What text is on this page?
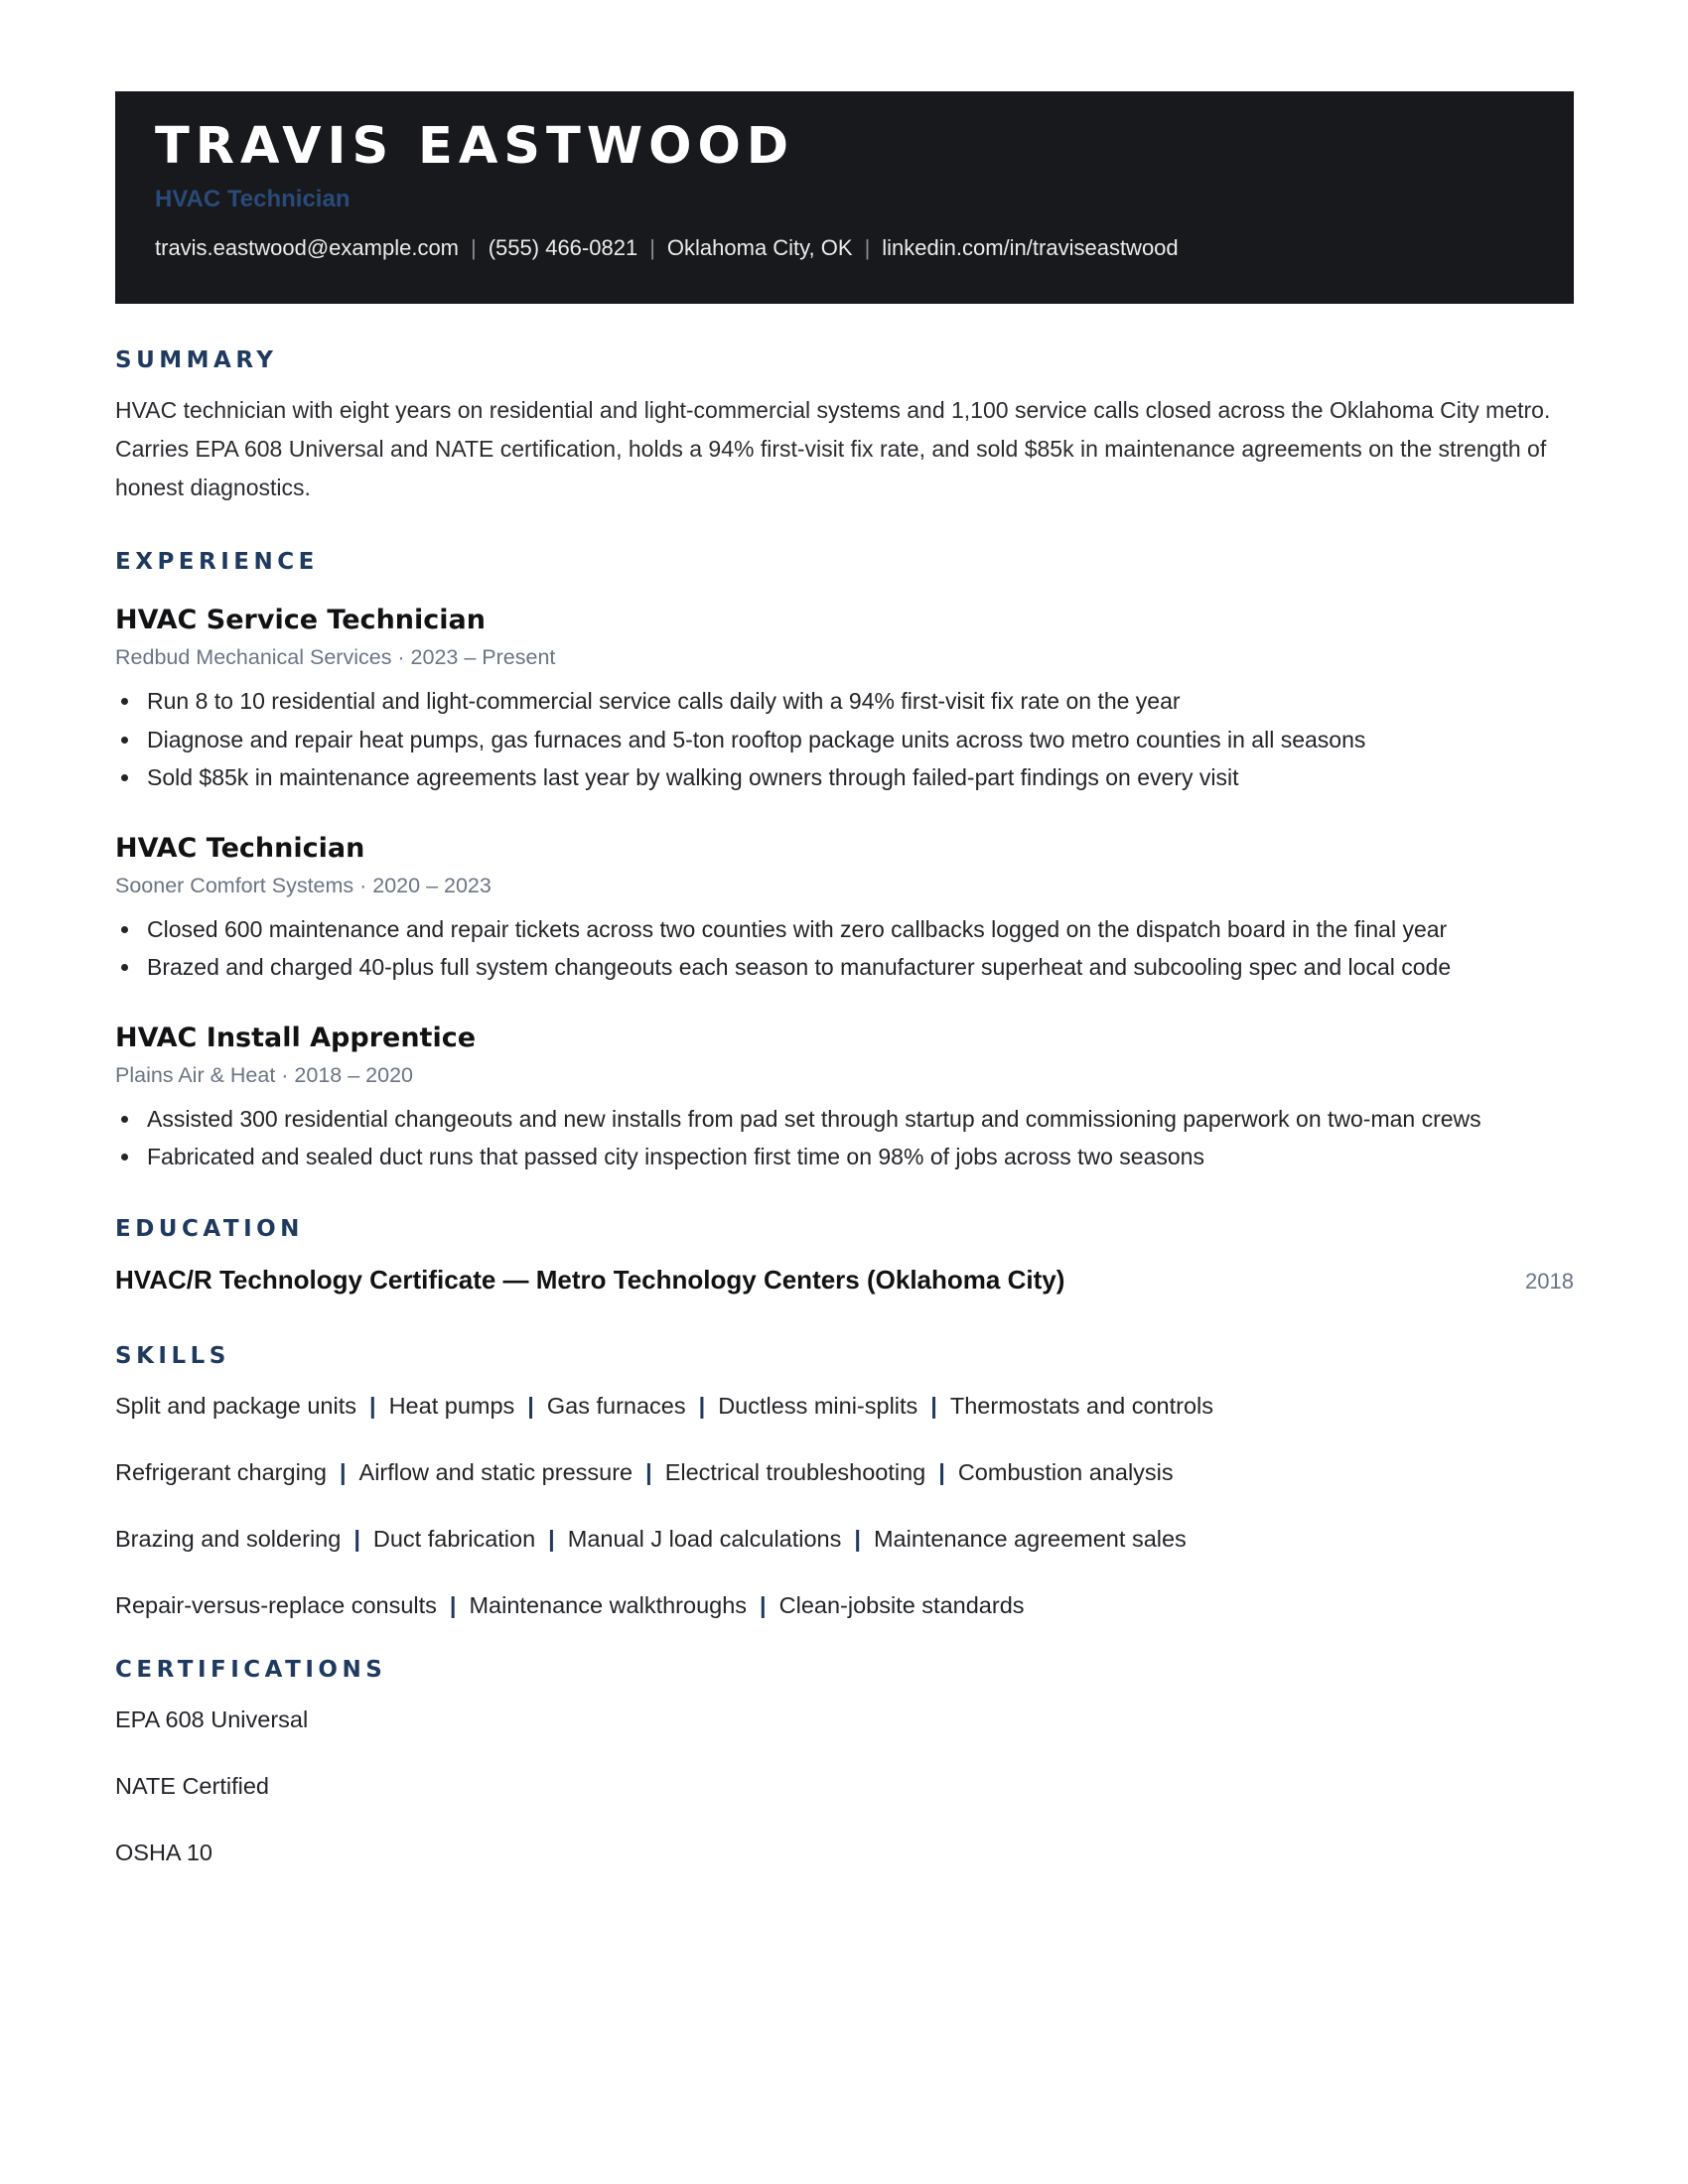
TRAVIS EASTWOOD
HVAC Technician
travis.eastwood@example.com | (555) 466-0821 | Oklahoma City, OK | linkedin.com/in/traviseastwood
SUMMARY

HVAC technician with eight years on residential and light-commercial systems and 1,100 service calls closed across the Oklahoma City metro. Carries EPA 608 Universal and NATE certification, holds a 94% first-visit fix rate, and sold $85k in maintenance agreements on the strength of honest diagnostics.

EXPERIENCE
HVAC Service Technician
Redbud Mechanical Services · 2023 – Present
Run 8 to 10 residential and light-commercial service calls daily with a 94% first-visit fix rate on the year
Diagnose and repair heat pumps, gas furnaces and 5-ton rooftop package units across two metro counties in all seasons
Sold $85k in maintenance agreements last year by walking owners through failed-part findings on every visit
HVAC Technician
Sooner Comfort Systems · 2020 – 2023
Closed 600 maintenance and repair tickets across two counties with zero callbacks logged on the dispatch board in the final year
Brazed and charged 40-plus full system changeouts each season to manufacturer superheat and subcooling spec and local code
HVAC Install Apprentice
Plains Air & Heat · 2018 – 2020
Assisted 300 residential changeouts and new installs from pad set through startup and commissioning paperwork on two-man crews
Fabricated and sealed duct runs that passed city inspection first time on 98% of jobs across two seasons
EDUCATION
HVAC/R Technology Certificate — Metro Technology Centers (Oklahoma City)	2018
SKILLS
Split and package units | Heat pumps | Gas furnaces | Ductless mini-splits | Thermostats and controls
Refrigerant charging | Airflow and static pressure | Electrical troubleshooting | Combustion analysis
Brazing and soldering | Duct fabrication | Manual J load calculations | Maintenance agreement sales
Repair-versus-replace consults | Maintenance walkthroughs | Clean-jobsite standards
CERTIFICATIONS
EPA 608 Universal
NATE Certified
OSHA 10
